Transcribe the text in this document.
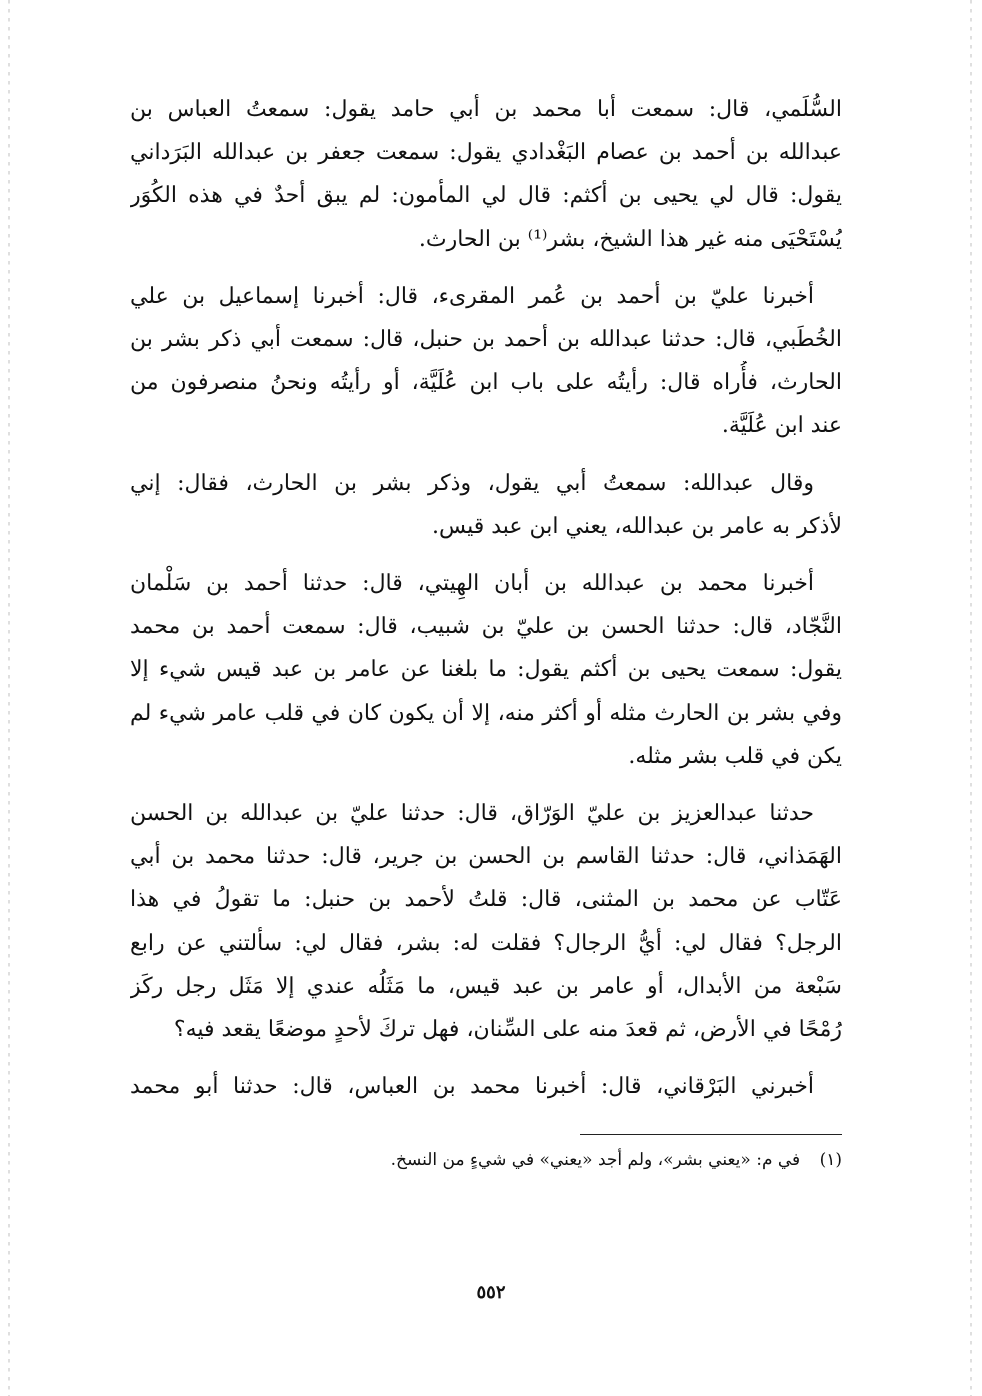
السُّلَمي، قال: سمعت أبا محمد بن أبي حامد يقول: سمعتُ العباس بن
عبدالله بن أحمد بن عصام البَغْدادي يقول: سمعت جعفر بن عبدالله البَرَداني
يقول: قال لي يحيى بن أكثم: قال لي المأمون: لم يبق أحدٌ في هذه الكُوَر
يُسْتَحْيَى منه غير هذا الشيخ، بشر⁽¹⁾ بن الحارث.
أخبرنا عليّ بن أحمد بن عُمر المقرىء، قال: أخبرنا إسماعيل بن علي
الخُطَبي، قال: حدثنا عبدالله بن أحمد بن حنبل، قال: سمعت أبي ذكر بشر بن
الحارث، فأُراه قال: رأيتُه على باب ابن عُلَيَّة، أو رأيتُه ونحنُ منصرفون من
عند ابن عُلَيَّة.
وقال عبدالله: سمعتُ أبي يقول، وذكر بشر بن الحارث، فقال: إني
لأذكر به عامر بن عبدالله، يعني ابن عبد قيس.
أخبرنا محمد بن عبدالله بن أبان الهِيتي، قال: حدثنا أحمد بن سَلْمان
النَّجّاد، قال: حدثنا الحسن بن عليّ بن شبيب، قال: سمعت أحمد بن محمد
يقول: سمعت يحيى بن أكثم يقول: ما بلغنا عن عامر بن عبد قيس شيء إلا
وفي بشر بن الحارث مثله أو أكثر منه، إلا أن يكون كان في قلب عامر شيء لم
يكن في قلب بشر مثله.
حدثنا عبدالعزيز بن عليّ الوَرّاق، قال: حدثنا عليّ بن عبدالله بن الحسن
الهَمَذاني، قال: حدثنا القاسم بن الحسن بن جرير، قال: حدثنا محمد بن أبي
عَتّاب عن محمد بن المثنى، قال: قلتُ لأحمد بن حنبل: ما تقولُ في هذا
الرجل؟ فقال لي: أيُّ الرجال؟ فقلت له: بشر، فقال لي: سألتني عن رابع
سَبْعة من الأبدال، أو عامر بن عبد قيس، ما مَثَلُه عندي إلا مَثَل رجل ركَز
رُمْحًا في الأرض، ثم قعدَ منه على السِّنان، فهل تركَ لأحدٍ موضعًا يقعد فيه؟
أخبرني البَرْقاني، قال: أخبرنا محمد بن العباس، قال: حدثنا أبو محمد
(١) في م: «يعني بشر»، ولم أجد «يعني» في شيءٍ من النسخ.
٥٥٢
